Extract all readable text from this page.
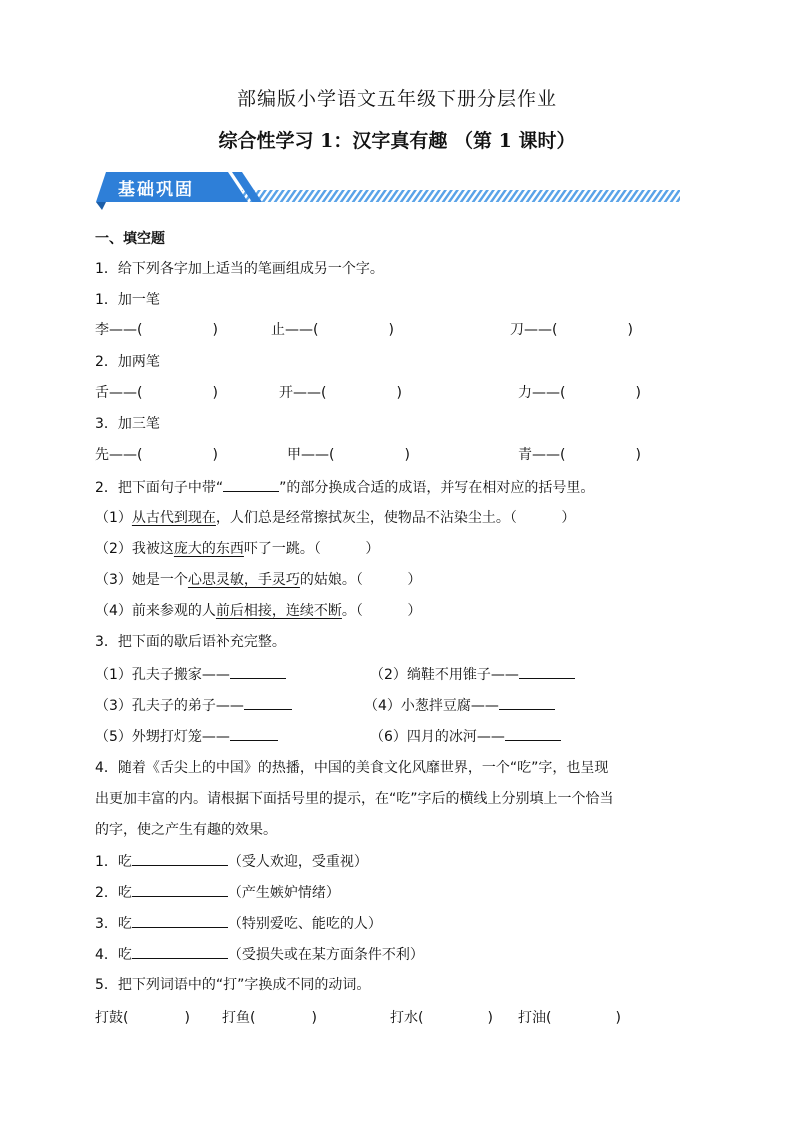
部编版小学语文五年级下册分层作业
综合性学习 1：汉字真有趣 （第 1 课时）
基础巩固
一、填空题
1．给下列各字加上适当的笔画组成另一个字。
1．加一笔
李——(	)	止——(	)	刀——(	)
2．加两笔
舌——(	)	开——(	)	力——(	)
3．加三笔
先——(	)	甲——(	)	青——(	)
2．把下面句子中带“	”的部分换成合适的成语，并写在相对应的括号里。
（1）从古代到现在，人们总是经常擦拭灰尘，使物品不沾染尘土。（          ）
（2）我被这庞大的东西吓了一跳。（          ）
（3）她是一个心思灵敏，手灵巧的姑娘。（          ）
（4）前来参观的人前后相接，连续不断。（          ）
3．把下面的歇后语补充完整。
（1）孔夫子搬家——	（2）绱鞋不用锥子——
（3）孔夫子的弟子——	（4）小葱拌豆腐——
（5）外甥打灯笼——	（6）四月的冰河——
4．随着《舌尖上的中国》的热播，中国的美食文化风靡世界，一个“吃”字，也呈现
出更加丰富的内。请根据下面括号里的提示，在“吃”字后的横线上分别填上一个恰当
的字，使之产生有趣的效果。
1．吃	（受人欢迎，受重视）
2．吃	（产生嫉妒情绪）
3．吃	（特别爱吃、能吃的人）
4．吃	（受损失或在某方面条件不利）
5．把下列词语中的“打”字换成不同的动词。
打鼓(	) 打鱼(	)	打水(	) 打油(	)
